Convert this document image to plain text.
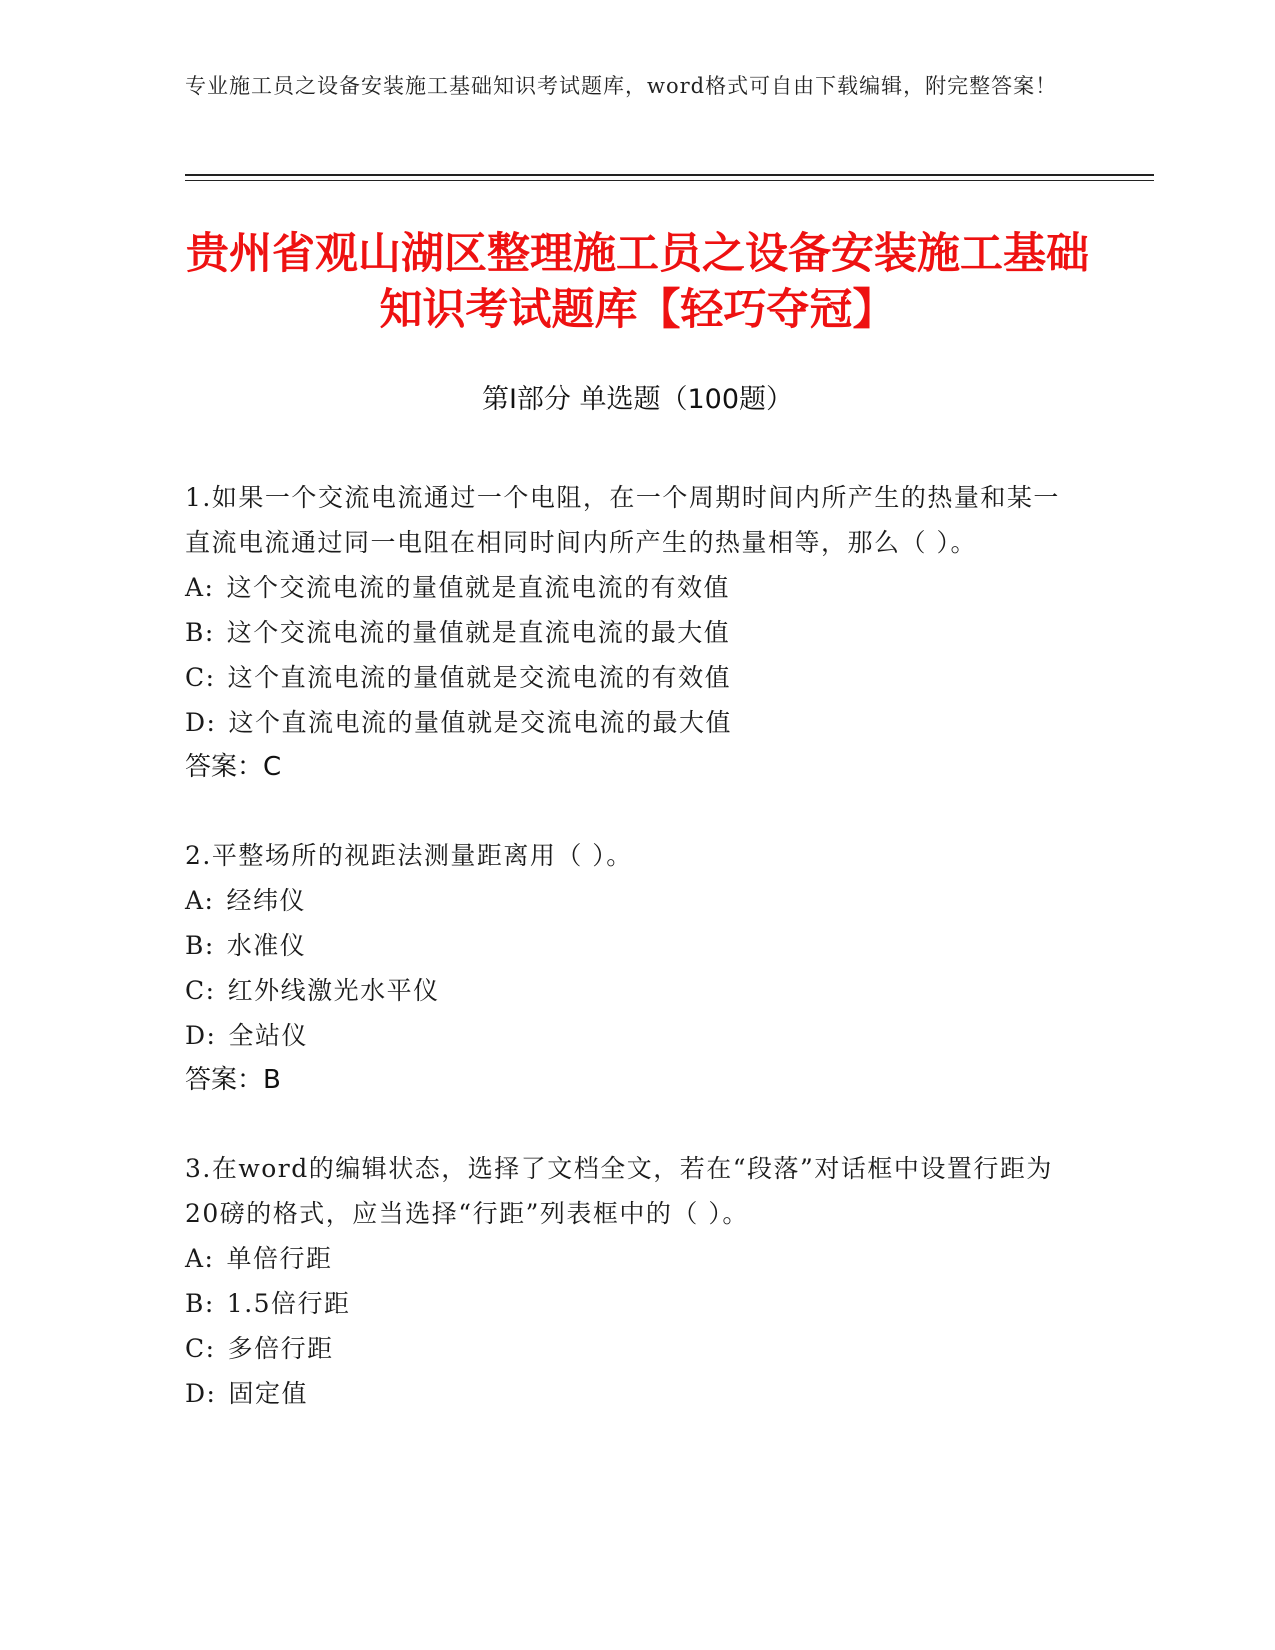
专业施工员之设备安装施工基础知识考试题库，word格式可自由下载编辑，附完整答案！
贵州省观山湖区整理施工员之设备安装施工基础知识考试题库【轻巧夺冠】
第Ⅰ部分 单选题（100题）

1.如果一个交流电流通过一个电阻，在一个周期时间内所产生的热量和某一直流电流通过同一电阻在相同时间内所产生的热量相等，那么（ ）。

A: 这个交流电流的量值就是直流电流的有效值

B: 这个交流电流的量值就是直流电流的最大值

C: 这个直流电流的量值就是交流电流的有效值

D: 这个直流电流的量值就是交流电流的最大值

答案：C

2.平整场所的视距法测量距离用（ ）。

A: 经纬仪

B: 水准仪

C: 红外线激光水平仪

D: 全站仪

答案：B

3.在word的编辑状态，选择了文档全文，若在“段落”对话框中设置行距为20磅的格式，应当选择“行距”列表框中的（ ）。

A: 单倍行距

B: 1.5倍行距

C: 多倍行距

D: 固定值
